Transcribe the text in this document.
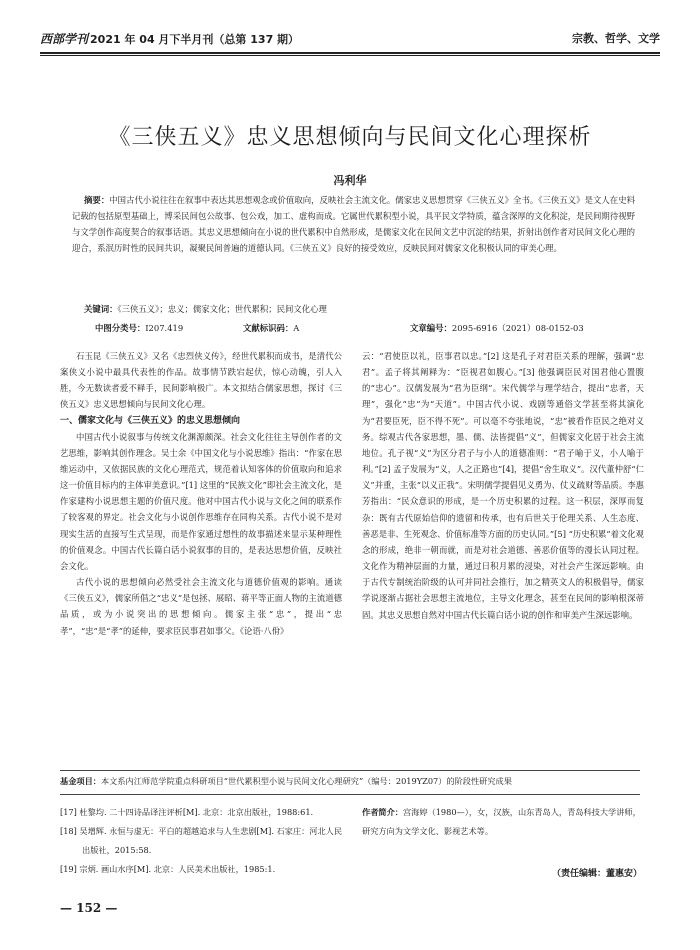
西部学刊 2021 年 04 月下半月刊（总第 137 期）	宗教、哲学、文学
《三侠五义》忠义思想倾向与民间文化心理探析
冯利华
摘要：中国古代小说往往在叙事中表达其思想观念或价值取向，反映社会主流文化。儒家忠义思想贯穿《三侠五义》全书。《三侠五义》是文人在史料记载的包括原型基础上，博采民间包公故事、包公戏，加工、虚构而成。它属世代累积型小说，具平民文学特质，蕴含深厚的文化积淀，是民间期待视野与文学创作高度契合的叙事话语。其忠义思想倾向在小说的世代累积中自然形成，是儒家文化在民间文艺中沉淀的结果，折射出创作者对民间文化心理的迎合，系泯历时性的民间共识，凝聚民间普遍的道德认同。《三侠五义》良好的接受效应，反映民间对儒家文化积极认同的审美心理。
关键词：《三侠五义》；忠义；儒家文化；世代累积；民间文化心理
中图分类号：I207.419	文献标识码：A	文章编号：2095-6916（2021）08-0152-03

石玉昆《三侠五义》又名《忠烈侠义传》，经世代累积而成书，是清代公案侠义小说中最具代表性的作品。故事情节跌宕起伏，惊心动魄，引人入胜，今无数读者爱不释手，民间影响极广。本文拟结合儒家思想，探讨《三侠五义》忠义思想倾向与民间文化心理。

一、儒家文化与《三侠五义》的忠义思想倾向

中国古代小说叙事与传统文化渊源颇深。社会文化往往主导创作者的文艺思维，影响其创作理念。吴士余《中国文化与小说思维》指出：“作家在思维运动中，又依据民族的文化心理范式，规范着认知客体的价值取向和追求这一价值目标内的主体审美意识。”[1] 这里的“民族文化”即社会主流文化，是作家建构小说思想主题的价值尺度。他对中国古代小说与文化之间的联系作了较客观的界定。社会文化与小说创作思维存在同构关系。古代小说不是对现实生活的直接写生式呈现，而是作家通过想性的故事描述来显示某种理性的价值观念。中国古代长篇白话小说叙事的目的，是表达思想价值，反映社会文化。

古代小说的思想倾向必然受社会主流文化与道德价值观的影响。通读《三侠五义》，儒家所倡之“忠义”是包拯、展昭、蒋平等正面人物的主流道德品质，或为小说突出的思想倾向。儒家主张“忠”，提出“忠孝”，“忠”是“孝”的延伸，要求臣民事君如事父。《论语·八佾》

云：“君使臣以礼，臣事君以忠。”[2] 这是孔子对君臣关系的理解，强调“忠君”。孟子将其阐释为：“臣视君如腹心。”[3] 他强调臣民对国君他心置腹的“忠心”。汉儒发展为“君为臣纲”。宋代儒学与理学结合，提出“忠者，天理”，强化“忠”为“天道”。中国古代小说、戏剧等通俗文学甚至将其演化为“君要臣死，臣不得不死”。可以毫不夸张地说，“忠”被看作臣民之绝对义务。综观古代各家思想，墨、儒、法皆提倡“义”，但儒家文化居于社会主流地位。孔子视“义”为区分君子与小人的道德准则：“君子喻于义，小人喻于利。”[2] 孟子发展为“义，人之正路也”[4]，提倡“舍生取义”。汉代董仲舒“仁义”并重，主张“以义正我”。宋明儒学提倡见义勇为、仗义疏财等品质。李惠芳指出：“民众意识的形成，是一个历史积累的过程。这一积层，深厚而复杂：既有古代原始信仰的遗留和传承，也有后世关于伦理关系、人生态度、善恶是非、生死观念、价值标准等方面的历史认同。”[5] “历史积累”着文化观念的形成，绝非一朝而就，而是对社会道德、善恶价值等的漫长认同过程。文化作为精神层面的力量，通过日积月累的浸染，对社会产生深远影响。由于古代专制统治阶级的认可并同社会推行，加之精英文人的积极倡导，儒家学说逐渐占据社会思想主流地位，主导文化理念，甚至在民间的影响根深蒂固。其忠义思想自然对中国古代长篇白话小说的创作和审美产生深远影响。

基金项目：本文系内江师范学院重点科研项目“世代累积型小说与民间文化心理研究”（编号：2019YZ07）的阶段性研究成果
[17] 杜黎均. 二十四诗品译注评析[M]. 北京：北京出版社，1988:61.
[18] 吴增辉. 永恒与虚无：平白的超越追求与人生悲剧[M]. 石家庄：河北人民出版社，2015:58.
[19] 宗炳. 画山水序[M]. 北京：人民美术出版社，1985:1.
作者简介：宫海婷（1980—），女，汉族，山东青岛人，青岛科技大学讲师，研究方向为文学文化、影视艺术等。
（责任编辑：董惠安）
— 152 —
